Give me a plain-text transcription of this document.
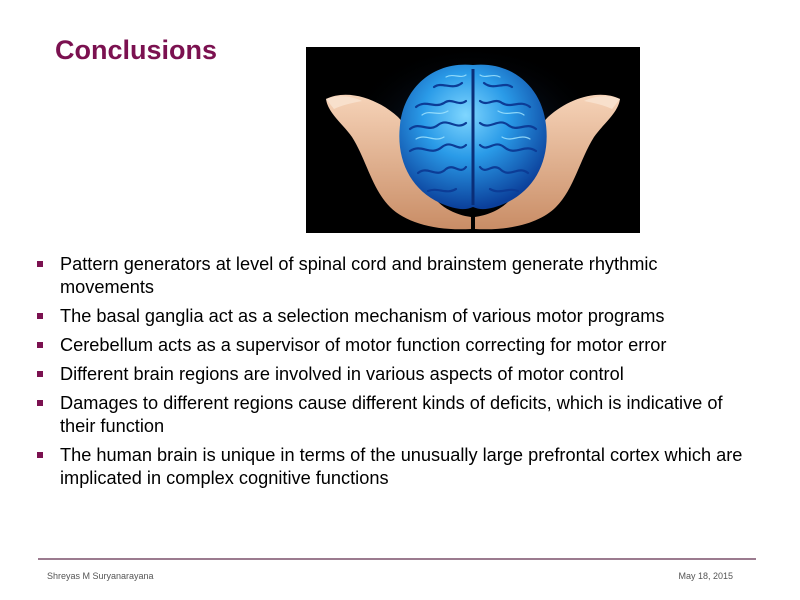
Conclusions
Pattern generators at level of spinal cord and brainstem generate rhythmic movements
The basal ganglia act as a selection mechanism of various motor programs
Cerebellum acts as a supervisor of motor function correcting for motor error
Different brain regions are involved in various aspects of motor control
Damages to different regions cause different kinds of deficits, which is indicative of their function
The human brain is unique in terms of the unusually large prefrontal cortex which are implicated in complex cognitive functions
Shreyas M Suryanarayana	May 18, 2015
